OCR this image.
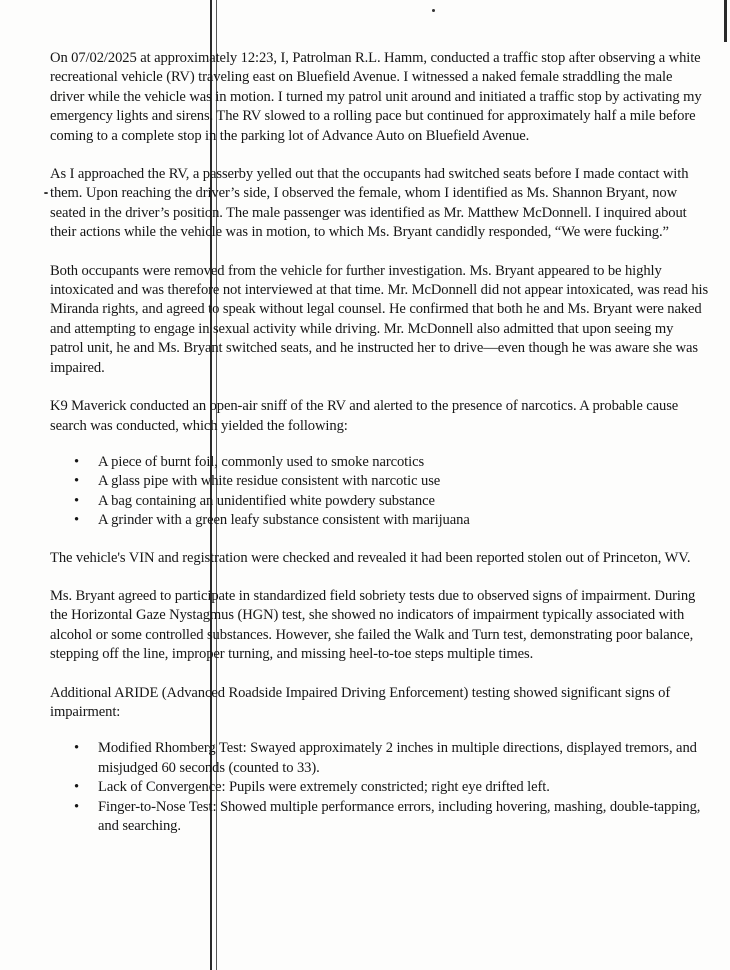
On 07/02/2025 at approximately 12:23, I, Patrolman R.L. Hamm, conducted a traffic stop after observing a white recreational vehicle (RV) traveling east on Bluefield Avenue. I witnessed a naked female straddling the male driver while the vehicle was in motion. I turned my patrol unit around and initiated a traffic stop by activating my emergency lights and sirens. The RV slowed to a rolling pace but continued for approximately half a mile before coming to a complete stop in the parking lot of Advance Auto on Bluefield Avenue.

As I approached the RV, a passerby yelled out that the occupants had switched seats before I made contact with them. Upon reaching the driver’s side, I observed the female, whom I identified as Ms. Shannon Bryant, now seated in the driver’s position. The male passenger was identified as Mr. Matthew McDonnell. I inquired about their actions while the vehicle was in motion, to which Ms. Bryant candidly responded, “We were fucking.”

Both occupants were removed from the vehicle for further investigation. Ms. Bryant appeared to be highly intoxicated and was therefore not interviewed at that time. Mr. McDonnell did not appear intoxicated, was read his Miranda rights, and agreed to speak without legal counsel. He confirmed that both he and Ms. Bryant were naked and attempting to engage in sexual activity while driving. Mr. McDonnell also admitted that upon seeing my patrol unit, he and Ms. Bryant switched seats, and he instructed her to drive—even though he was aware she was impaired.

K9 Maverick conducted an open-air sniff of the RV and alerted to the presence of narcotics. A probable cause search was conducted, which yielded the following:

• A piece of burnt foil, commonly used to smoke narcotics
• A glass pipe with white residue consistent with narcotic use
• A bag containing an unidentified white powdery substance
• A grinder with a green leafy substance consistent with marijuana

The vehicle's VIN and registration were checked and revealed it had been reported stolen out of Princeton, WV.

Ms. Bryant agreed to participate in standardized field sobriety tests due to observed signs of impairment. During the Horizontal Gaze Nystagmus (HGN) test, she showed no indicators of impairment typically associated with alcohol or some controlled substances. However, she failed the Walk and Turn test, demonstrating poor balance, stepping off the line, improper turning, and missing heel-to-toe steps multiple times.

Additional ARIDE (Advanced Roadside Impaired Driving Enforcement) testing showed significant signs of impairment:

• Modified Rhomberg Test: Swayed approximately 2 inches in multiple directions, displayed tremors, and misjudged 60 seconds (counted to 33).
• Lack of Convergence: Pupils were extremely constricted; right eye drifted left.
• Finger-to-Nose Test: Showed multiple performance errors, including hovering, mashing, double-tapping, and searching.
